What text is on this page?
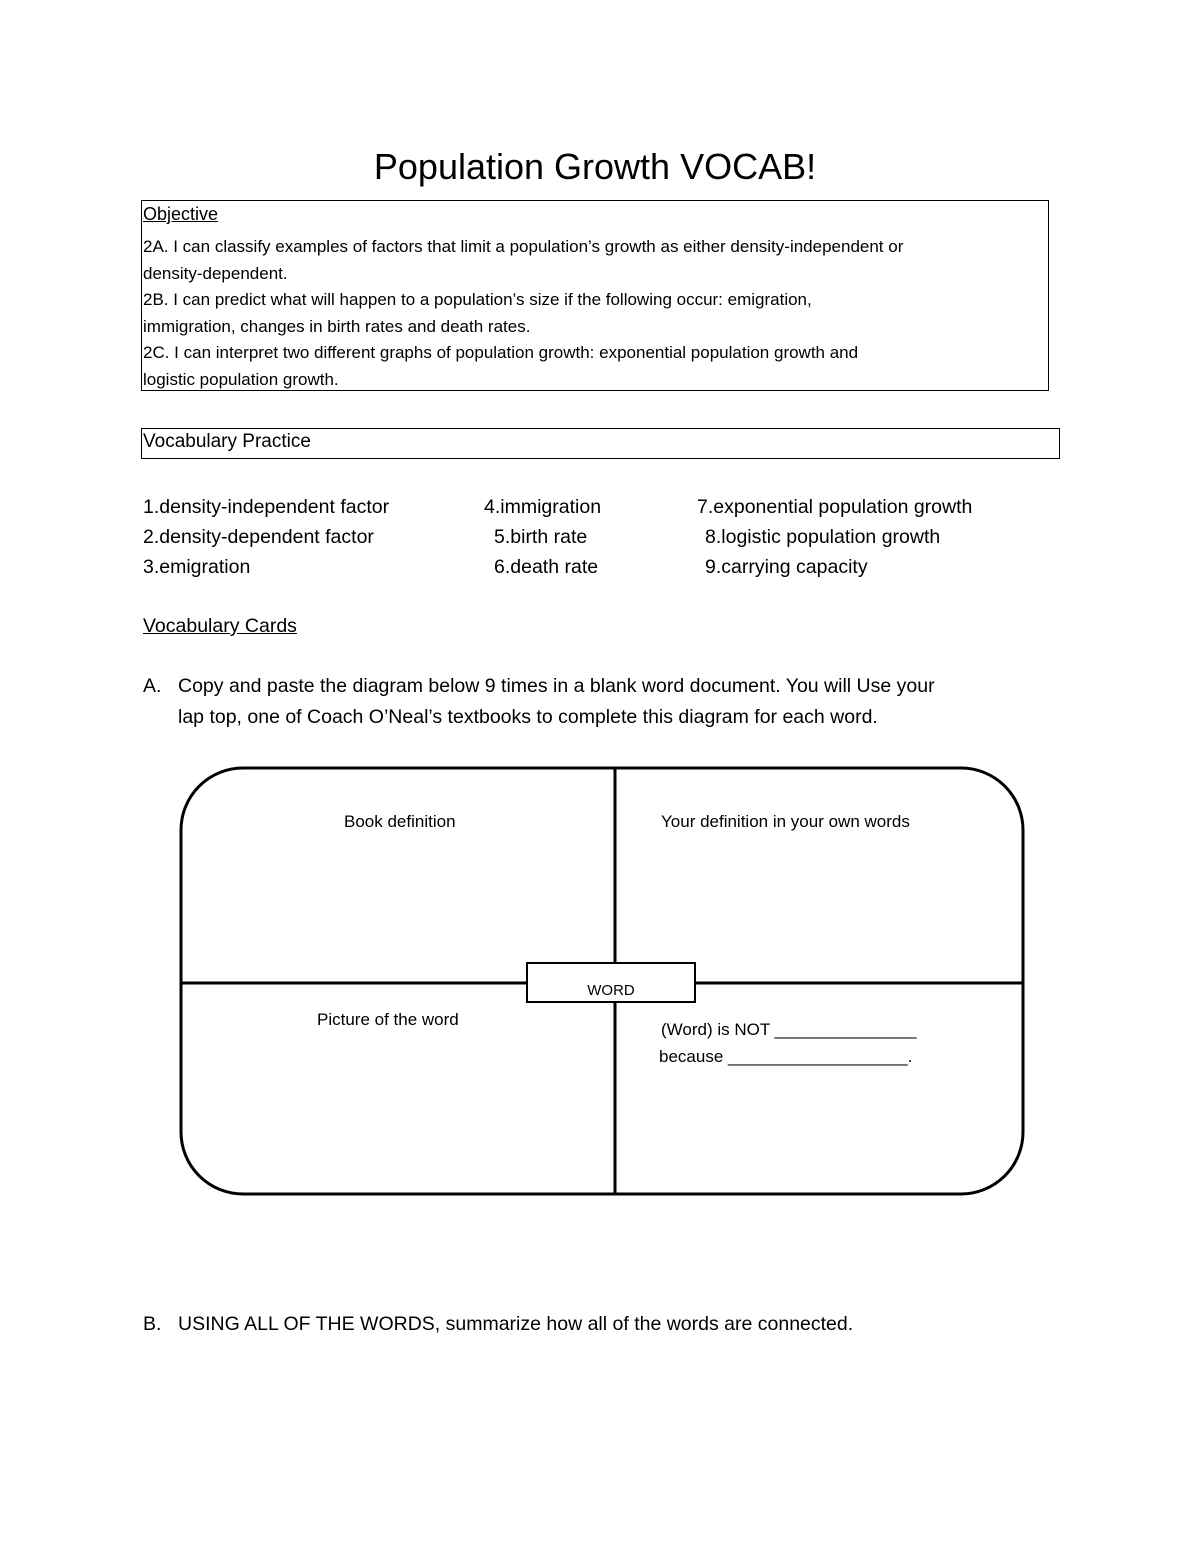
Population Growth VOCAB!
Objective
2A. I can classify examples of factors that limit a population’s growth as either density-independent or
density-dependent.
2B. I can predict what will happen to a population’s size if the following occur: emigration,
immigration, changes in birth rates and death rates.
2C. I can interpret two different graphs of population growth: exponential population growth and
logistic population growth.
Vocabulary Practice
1.density-independent factor
2.density-dependent factor
3.emigration
4.immigration
5.birth rate
6.death rate
7.exponential population growth
8.logistic population growth
9.carrying capacity
Vocabulary Cards
A. Copy and paste the diagram below 9 times in a blank word document. You will Use your
lap top, one of Coach O’Neal’s textbooks to complete this diagram for each word.
Book definition	Your definition in your own words
Picture of the word
WORD
(Word) is NOT _______________
because ___________________.
B. USING ALL OF THE WORDS, summarize how all of the words are connected.
